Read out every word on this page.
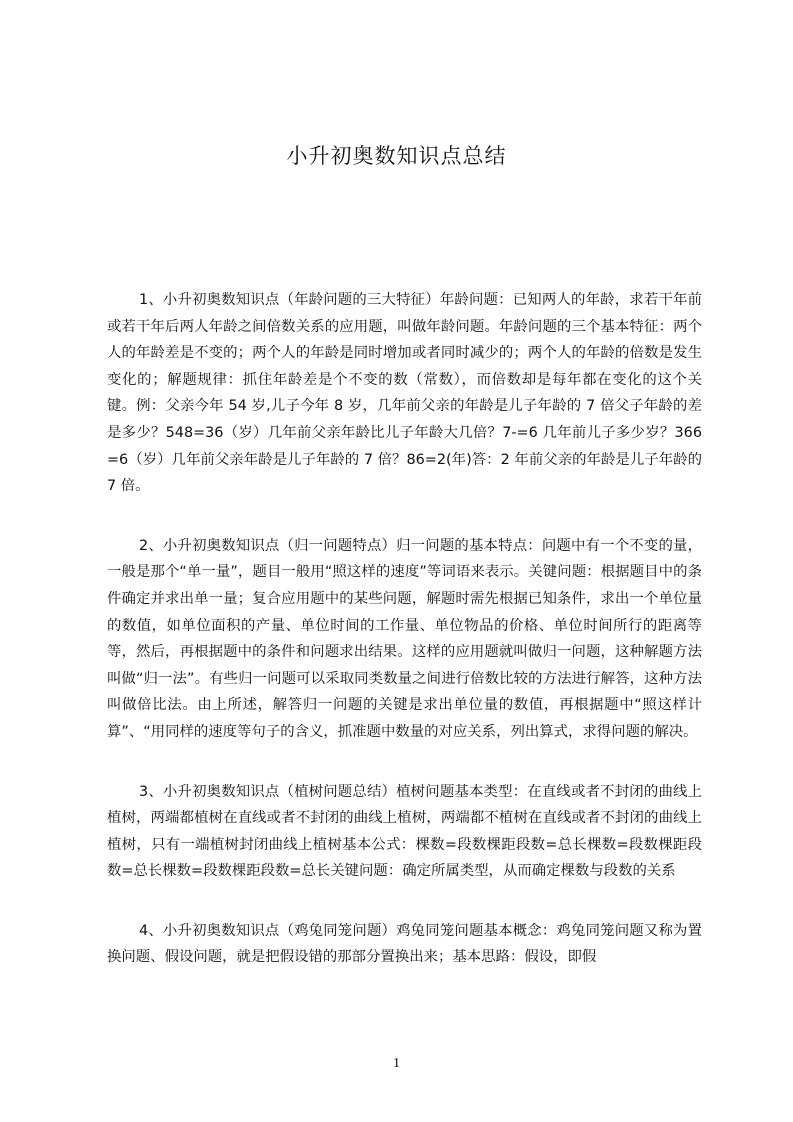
小升初奥数知识点总结

1、小升初奥数知识点（年龄问题的三大特征）年龄问题：已知两人的年龄，求若干年前或若干年后两人年龄之间倍数关系的应用题，叫做年龄问题。年龄问题的三个基本特征：两个人的年龄差是不变的；两个人的年龄是同时增加或者同时减少的；两个人的年龄的倍数是发生变化的；解题规律：抓住年龄差是个不变的数（常数），而倍数却是每年都在变化的这个关键。例：父亲今年 54 岁,儿子今年 8 岁，几年前父亲的年龄是儿子年龄的 7 倍父子年龄的差是多少？548=36（岁）几年前父亲年龄比儿子年龄大几倍？7-=6 几年前儿子多少岁？366=6（岁）几年前父亲年龄是儿子年龄的 7 倍？86=2(年)答：2 年前父亲的年龄是儿子年龄的 7 倍。

2、小升初奥数知识点（归一问题特点）归一问题的基本特点：问题中有一个不变的量，一般是那个“单一量”，题目一般用“照这样的速度”等词语来表示。关键问题：根据题目中的条件确定并求出单一量；复合应用题中的某些问题，解题时需先根据已知条件，求出一个单位量的数值，如单位面积的产量、单位时间的工作量、单位物品的价格、单位时间所行的距离等等，然后，再根据题中的条件和问题求出结果。这样的应用题就叫做归一问题，这种解题方法叫做“归一法”。有些归一问题可以采取同类数量之间进行倍数比较的方法进行解答，这种方法叫做倍比法。由上所述，解答归一问题的关键是求出单位量的数值，再根据题中“照这样计算”、“用同样的速度等句子的含义，抓准题中数量的对应关系，列出算式，求得问题的解决。

3、小升初奥数知识点（植树问题总结）植树问题基本类型：在直线或者不封闭的曲线上植树，两端都植树在直线或者不封闭的曲线上植树，两端都不植树在直线或者不封闭的曲线上植树，只有一端植树封闭曲线上植树基本公式：棵数=段数棵距段数=总长棵数=段数棵距段数=总长棵数=段数棵距段数=总长关键问题：确定所属类型，从而确定棵数与段数的关系

4、小升初奥数知识点（鸡兔同笼问题）鸡兔同笼问题基本概念：鸡兔同笼问题又称为置换问题、假设问题，就是把假设错的那部分置换出来；基本思路：假设，即假

1
